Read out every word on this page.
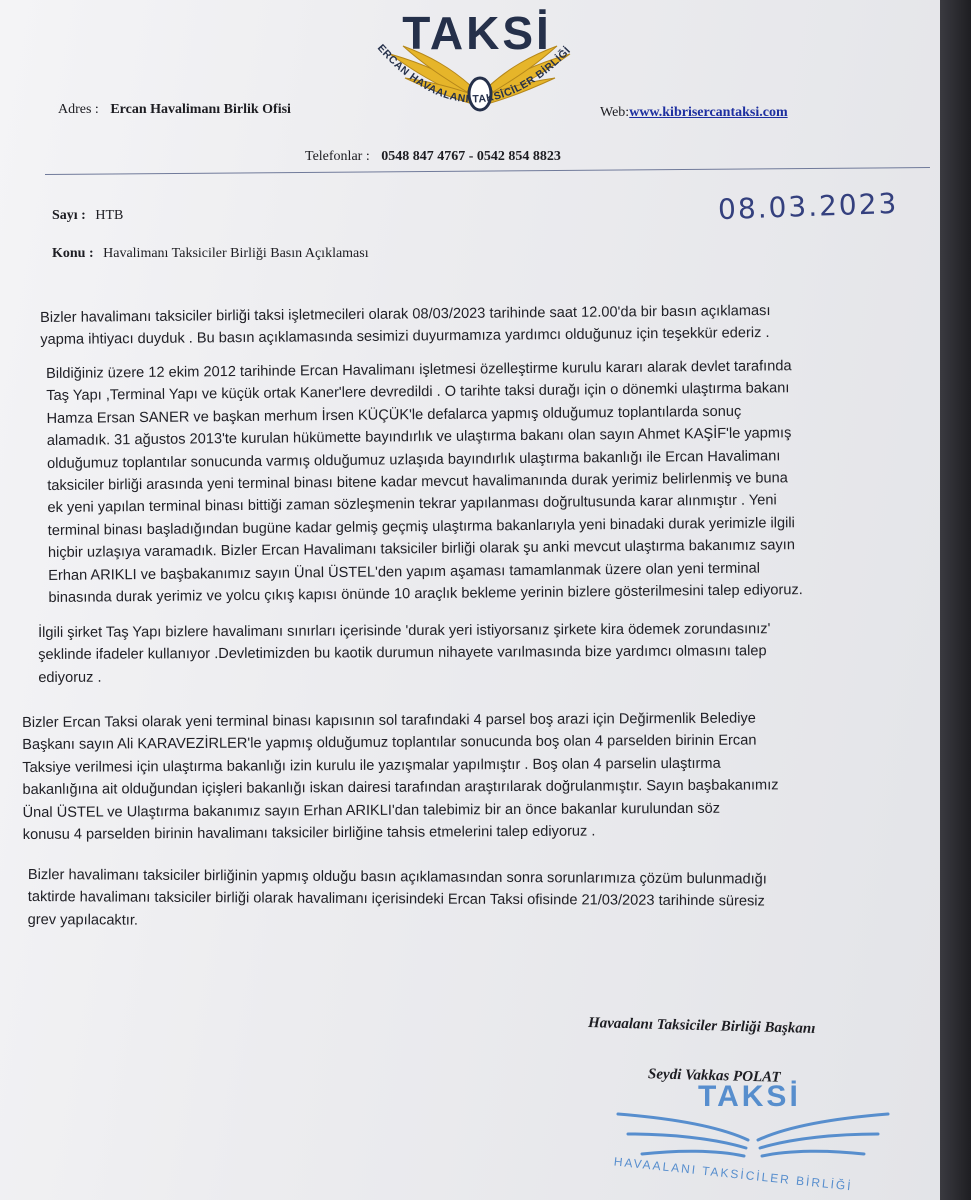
TAKSİ
Adres : Ercan Havalimanı Birlik Ofisi	Web:www.kibrisercantaksi.com
Telefonlar : 0548 847 4767 - 0542 854 8823
Sayı : HTB
Konu : Havalimanı Taksiciler Birliği Basın Açıklaması
08.03.2023

Bizler havalimanı taksiciler birliği taksi işletmecileri olarak 08/03/2023 tarihinde saat 12.00'da bir basın açıklaması

yapma ihtiyacı duyduk . Bu basın açıklamasında sesimizi duyurmamıza yardımcı olduğunuz için teşekkür ederiz .

Bildiğiniz üzere 12 ekim 2012 tarihinde Ercan Havalimanı işletmesi özelleştirme kurulu kararı alarak devlet tarafında

Taş Yapı ,Terminal Yapı ve küçük ortak Kaner'lere devredildi . O tarihte taksi durağı için o dönemki ulaştırma bakanı

Hamza Ersan SANER ve başkan merhum İrsen KÜÇÜK'le defalarca yapmış olduğumuz toplantılarda sonuç

alamadık. 31 ağustos 2013'te kurulan hükümette bayındırlık ve ulaştırma bakanı olan sayın Ahmet KAŞİF'le yapmış

olduğumuz toplantılar sonucunda varmış olduğumuz uzlaşıda bayındırlık ulaştırma bakanlığı ile Ercan Havalimanı

taksiciler birliği arasında yeni terminal binası bitene kadar mevcut havalimanında durak yerimiz belirlenmiş ve buna

ek yeni yapılan terminal binası bittiği zaman sözleşmenin tekrar yapılanması doğrultusunda karar alınmıştır . Yeni

terminal binası başladığından bugüne kadar gelmiş geçmiş ulaştırma bakanlarıyla yeni binadaki durak yerimizle ilgili

hiçbir uzlaşıya varamadık. Bizler Ercan Havalimanı taksiciler birliği olarak şu anki mevcut ulaştırma bakanımız sayın

Erhan ARIKLI ve başbakanımız sayın Ünal ÜSTEL'den yapım aşaması tamamlanmak üzere olan yeni terminal

binasında durak yerimiz ve yolcu çıkış kapısı önünde 10 araçlık bekleme yerinin bizlere gösterilmesini talep ediyoruz.

İlgili şirket Taş Yapı bizlere havalimanı sınırları içerisinde 'durak yeri istiyorsanız şirkete kira ödemek zorundasınız'

şeklinde ifadeler kullanıyor .Devletimizden bu kaotik durumun nihayete varılmasında bize yardımcı olmasını talep

ediyoruz .

Bizler Ercan Taksi olarak yeni terminal binası kapısının sol tarafındaki 4 parsel boş arazi için Değirmenlik Belediye

Başkanı sayın Ali KARAVEZİRLER'le yapmış olduğumuz toplantılar sonucunda boş olan 4 parselden birinin Ercan

Taksiye verilmesi için ulaştırma bakanlığı izin kurulu ile yazışmalar yapılmıştır . Boş olan 4 parselin ulaştırma

bakanlığına ait olduğundan içişleri bakanlığı iskan dairesi tarafından araştırılarak doğrulanmıştır. Sayın başbakanımız

Ünal ÜSTEL ve Ulaştırma bakanımız sayın Erhan ARIKLI'dan talebimiz bir an önce bakanlar kurulundan söz

konusu 4 parselden birinin havalimanı taksiciler birliğine tahsis etmelerini talep ediyoruz .

Bizler havalimanı taksiciler birliğinin yapmış olduğu basın açıklamasından sonra sorunlarımıza çözüm bulunmadığı

taktirde havalimanı taksiciler birliği olarak havalimanı içerisindeki Ercan Taksi ofisinde 21/03/2023 tarihinde süresiz

grev yapılacaktır.

Havaalanı Taksiciler Birliği Başkanı
TAKSİ
HAVAALANI TAKSİCİLER BİRLİĞİ
Seydi Vakkas POLAT
ERCAN HAVAALANI TAKSİCİLER BİRLİĞİ
